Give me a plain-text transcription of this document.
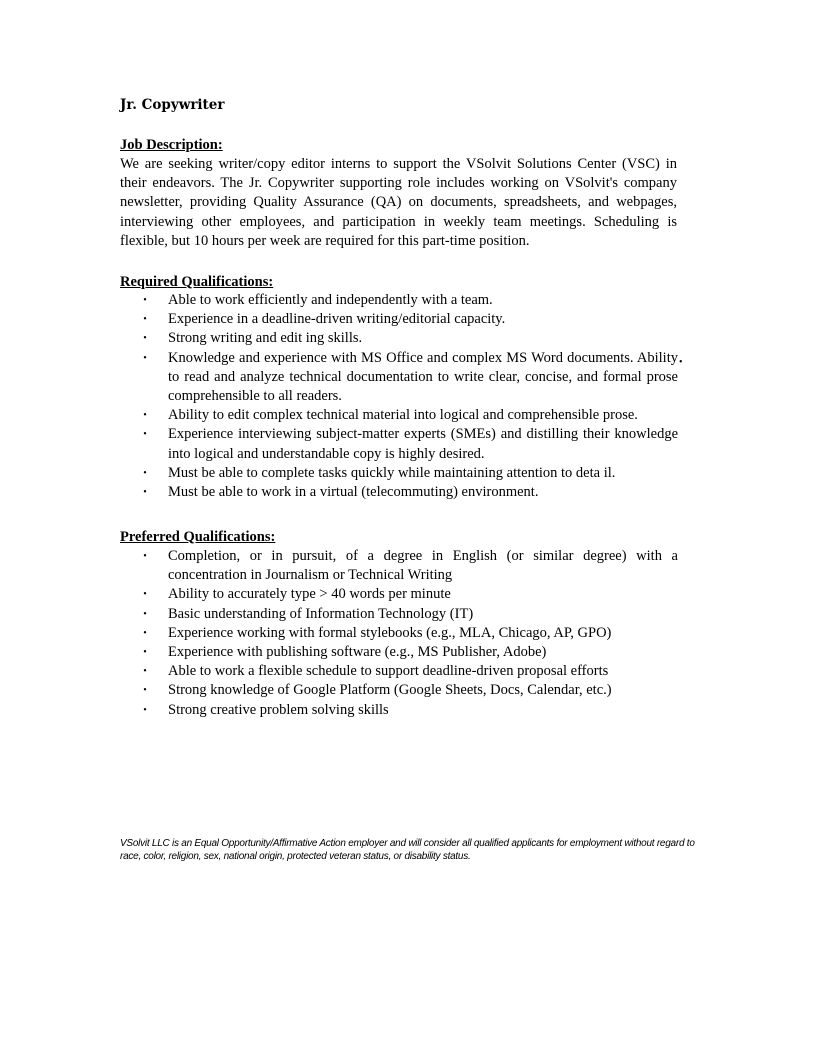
Jr. Copywriter
Job Description:

We are seeking writer/copy editor interns to support the VSolvit Solutions Center (VSC) in their endeavors. The Jr. Copywriter supporting role includes working on VSolvit's company newsletter, providing Quality Assurance (QA) on documents, spreadsheets, and webpages, interviewing other employees, and participation in weekly team meetings. Scheduling is flexible, but 10 hours per week are required for this part-time position.

Required Qualifications:
•	Able to work efficiently and independently with a team.
•	Experience in a deadline-driven writing/editorial capacity.
•	Strong writing and edit ing skills.
•	Knowledge and experience with MS Office and complex MS Word documents. Ability to read and analyze technical documentation to write clear, concise, and formal prose comprehensible to all readers.
•	Ability to edit complex technical material into logical and comprehensible prose.
•	Experience interviewing subject-matter experts (SMEs) and distilling their knowledge into logical and understandable copy is highly desired.
•	Must be able to complete tasks quickly while maintaining attention to deta il.
•	Must be able to work in a virtual (telecommuting) environment.
•
Preferred Qualifications:
•	Completion, or in pursuit, of a degree in English (or similar degree) with a concentration in Journalism or Technical Writing
•	Ability to accurately type > 40 words per minute
•	Basic understanding of Information Technology (IT)
•	Experience working with formal stylebooks (e.g., MLA, Chicago, AP, GPO)
•	Experience with publishing software (e.g., MS Publisher, Adobe)
•	Able to work a flexible schedule to support deadline-driven proposal efforts
•	Strong knowledge of Google Platform (Google Sheets, Docs, Calendar, etc.)
•	Strong creative problem solving skills

VSolvit LLC is an Equal Opportunity/Affirmative Action employer and will consider all qualified applicants for employment without regard to race, color, religion, sex, national origin, protected veteran status, or disability status.
